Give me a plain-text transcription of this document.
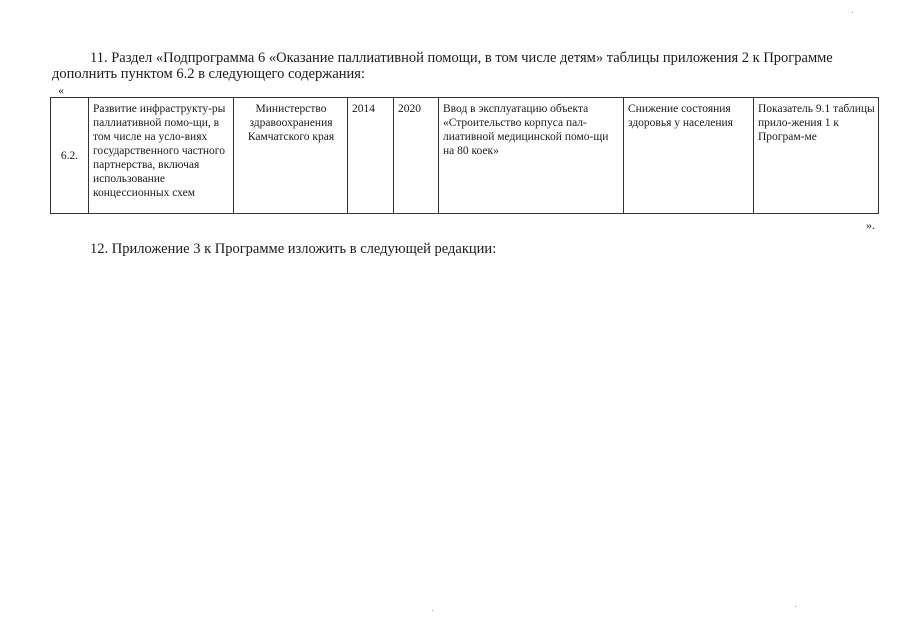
11. Раздел «Подпрограмма 6 «Оказание паллиативной помощи, в том числе детям» таблицы приложения 2 к Программе
дополнить пунктом 6.2 в следующего содержания:
«
6.2.	Развитие инфраструкту-ры паллиативной помо-щи, в том числе на усло-виях государственного частного партнерства, включая использование концессионных схем	Министерство здравоохранения Камчатского края	2014	2020	Ввод в эксплуатацию объекта «Строительство корпуса пал-лиативной медицинской помо-щи на 80 коек»	Снижение состояния здоровья у населения	Показатель 9.1 таблицы прило-жения 1 к Програм-ме
».
12. Приложение 3 к Программе изложить в следующей редакции:
